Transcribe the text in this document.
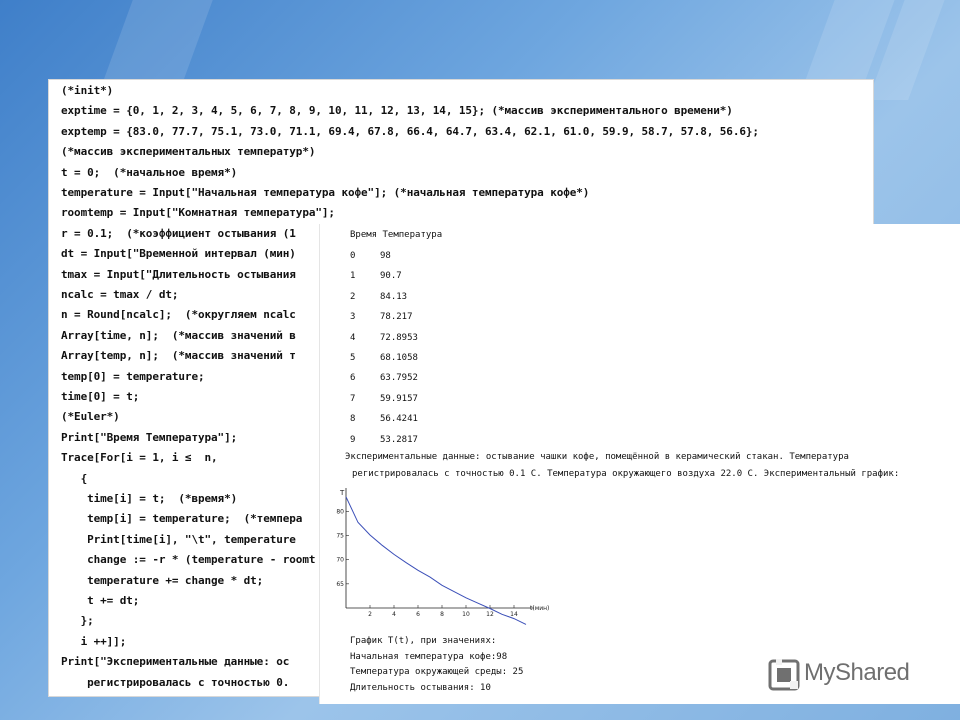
(*init*)
exptime = {0, 1, 2, 3, 4, 5, 6, 7, 8, 9, 10, 11, 12, 13, 14, 15}; (*массив экспериментального времени*)
exptemp = {83.0, 77.7, 75.1, 73.0, 71.1, 69.4, 67.8, 66.4, 64.7, 63.4, 62.1, 61.0, 59.9, 58.7, 57.8, 56.6};
(*массив экспериментальных температур*)
t = 0;  (*начальное время*)
temperature = Input["Начальная температура кофе"]; (*начальная температура кофе*)
roomtemp = Input["Комнатная температура"];
r = 0.1;  (*коэффициент остывания (1
dt = Input["Временной интервал (мин)
tmax = Input["Длительность остывания
ncalc = tmax / dt;
n = Round[ncalc];  (*округляем ncalc
Array[time, n];  (*массив значений в
Array[temp, n];  (*массив значений т
temp[0] = temperature;
time[0] = t;
(*Euler*)
Print["Время Температура"];
Trace[For[i = 1, i ≤  n,
{
time[i] = t;  (*время*)
temp[i] = temperature;  (*темпера
Print[time[i], "\t", temperature
change := -r * (temperature - roomt
temperature += change * dt;
t += dt;
};
i ++]];
Print["Экспериментальные данные: ос
регистрировалась с точностью 0.
Время Температура
0	98
1	90.7
2	84.13
3	78.217
4	72.8953
5	68.1058
6	63.7952
7	59.9157
8	56.4241
9	53.2817
Экспериментальные данные: остывание чашки кофе, помещённой в керамический стакан. Температура
регистрировалась с точностью 0.1 С. Температура окружающего воздуха 22.0 С. Экспериментальный график:
2	4	6	8	10	12	14
80
75
70
65
t(мин)
T
График T(t), при значениях:
Начальная температура кофе:98
Температура окружающей среды: 25
Длительность остывания: 10
MyShared
